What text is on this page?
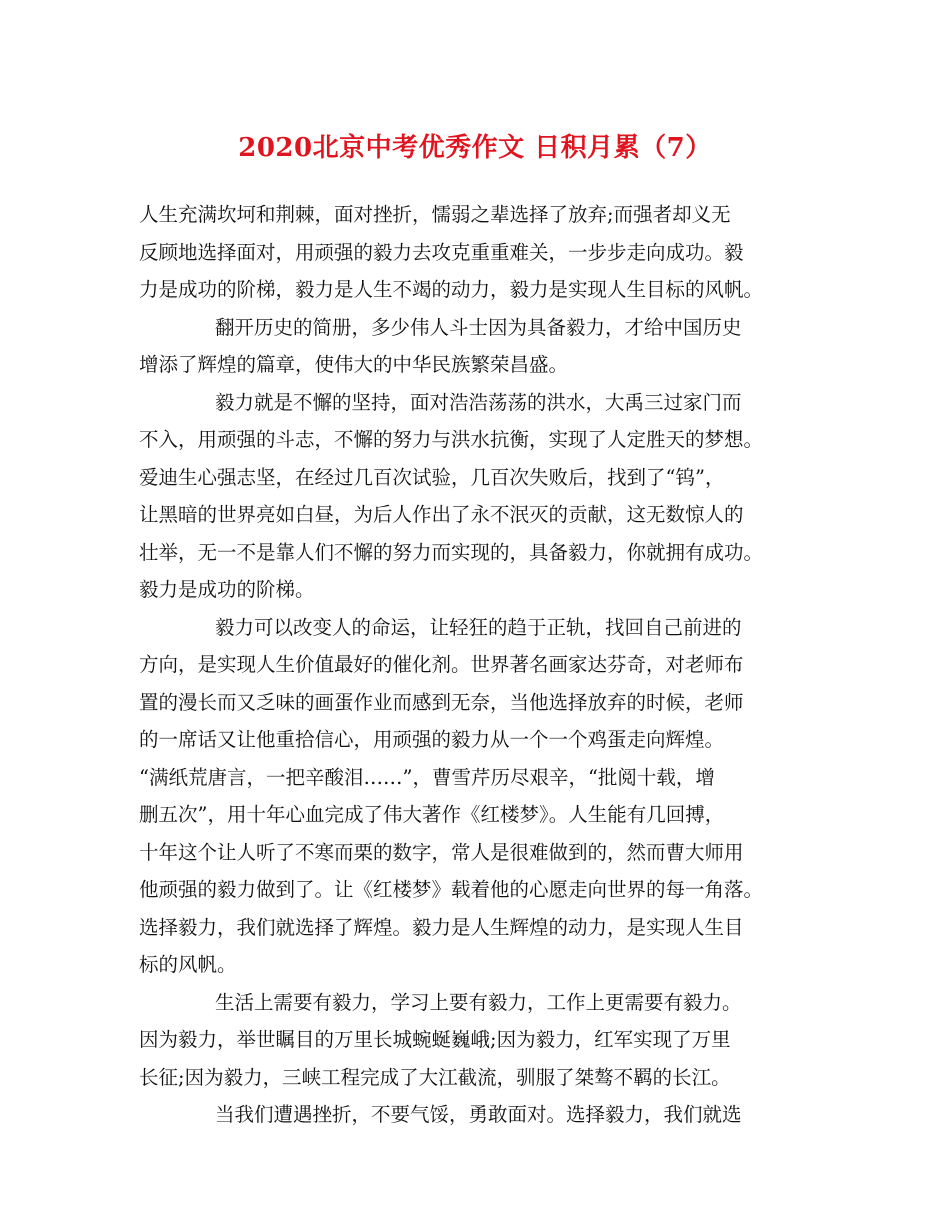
2020北京中考优秀作文 日积月累（7）
人生充满坎坷和荆棘，面对挫折，懦弱之辈选择了放弃;而强者却义无
反顾地选择面对，用顽强的毅力去攻克重重难关，一步步走向成功。毅
力是成功的阶梯，毅力是人生不竭的动力，毅力是实现人生目标的风帆。
翻开历史的简册，多少伟人斗士因为具备毅力，才给中国历史
增添了辉煌的篇章，使伟大的中华民族繁荣昌盛。
毅力就是不懈的坚持，面对浩浩荡荡的洪水，大禹三过家门而
不入，用顽强的斗志，不懈的努力与洪水抗衡，实现了人定胜天的梦想。
爱迪生心强志坚，在经过几百次试验，几百次失败后，找到了“钨”，
让黑暗的世界亮如白昼，为后人作出了永不泯灭的贡献，这无数惊人的
壮举，无一不是靠人们不懈的努力而实现的，具备毅力，你就拥有成功。
毅力是成功的阶梯。
毅力可以改变人的命运，让轻狂的趋于正轨，找回自己前进的
方向，是实现人生价值最好的催化剂。世界著名画家达芬奇，对老师布
置的漫长而又乏味的画蛋作业而感到无奈，当他选择放弃的时候，老师
的一席话又让他重拾信心，用顽强的毅力从一个一个鸡蛋走向辉煌。
“满纸荒唐言，一把辛酸泪……”，曹雪芹历尽艰辛，“批阅十载，增
删五次”，用十年心血完成了伟大著作《红楼梦》。人生能有几回搏，
十年这个让人听了不寒而栗的数字，常人是很难做到的，然而曹大师用
他顽强的毅力做到了。让《红楼梦》载着他的心愿走向世界的每一角落。
选择毅力，我们就选择了辉煌。毅力是人生辉煌的动力，是实现人生目
标的风帆。
生活上需要有毅力，学习上要有毅力，工作上更需要有毅力。
因为毅力，举世瞩目的万里长城蜿蜒巍峨;因为毅力，红军实现了万里
长征;因为毅力，三峡工程完成了大江截流，驯服了桀骜不羁的长江。
当我们遭遇挫折，不要气馁，勇敢面对。选择毅力，我们就选
